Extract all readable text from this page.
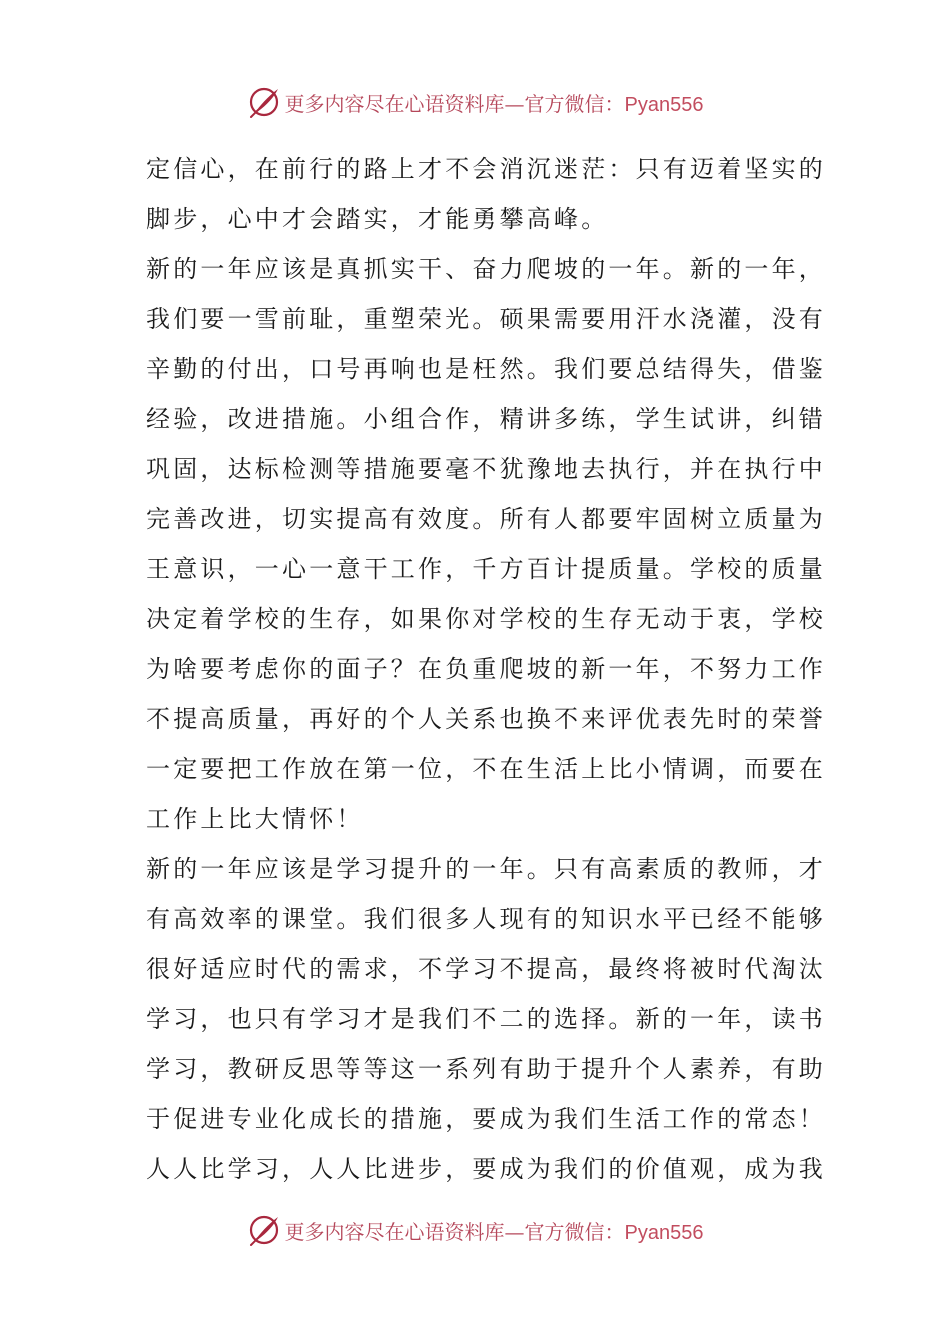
更多内容尽在心语资料库—官方微信：Pyan556
定信心，在前行的路上才不会消沉迷茫：只有迈着坚实的
脚步，心中才会踏实，才能勇攀高峰。
新的一年应该是真抓实干、奋力爬坡的一年。新的一年，
我们要一雪前耻，重塑荣光。硕果需要用汗水浇灌，没有
辛勤的付出，口号再响也是枉然。我们要总结得失，借鉴
经验，改进措施。小组合作，精讲多练，学生试讲，纠错
巩固，达标检测等措施要毫不犹豫地去执行，并在执行中
完善改进，切实提高有效度。所有人都要牢固树立质量为
王意识，一心一意干工作，千方百计提质量。学校的质量
决定着学校的生存，如果你对学校的生存无动于衷，学校
为啥要考虑你的面子？在负重爬坡的新一年，不努力工作
不提高质量，再好的个人关系也换不来评优表先时的荣誉
一定要把工作放在第一位，不在生活上比小情调，而要在
工作上比大情怀！
新的一年应该是学习提升的一年。只有高素质的教师，才
有高效率的课堂。我们很多人现有的知识水平已经不能够
很好适应时代的需求，不学习不提高，最终将被时代淘汰
学习，也只有学习才是我们不二的选择。新的一年，读书
学习，教研反思等等这一系列有助于提升个人素养，有助
于促进专业化成长的措施，要成为我们生活工作的常态！
人人比学习，人人比进步，要成为我们的价值观，成为我
更多内容尽在心语资料库—官方微信：Pyan556
